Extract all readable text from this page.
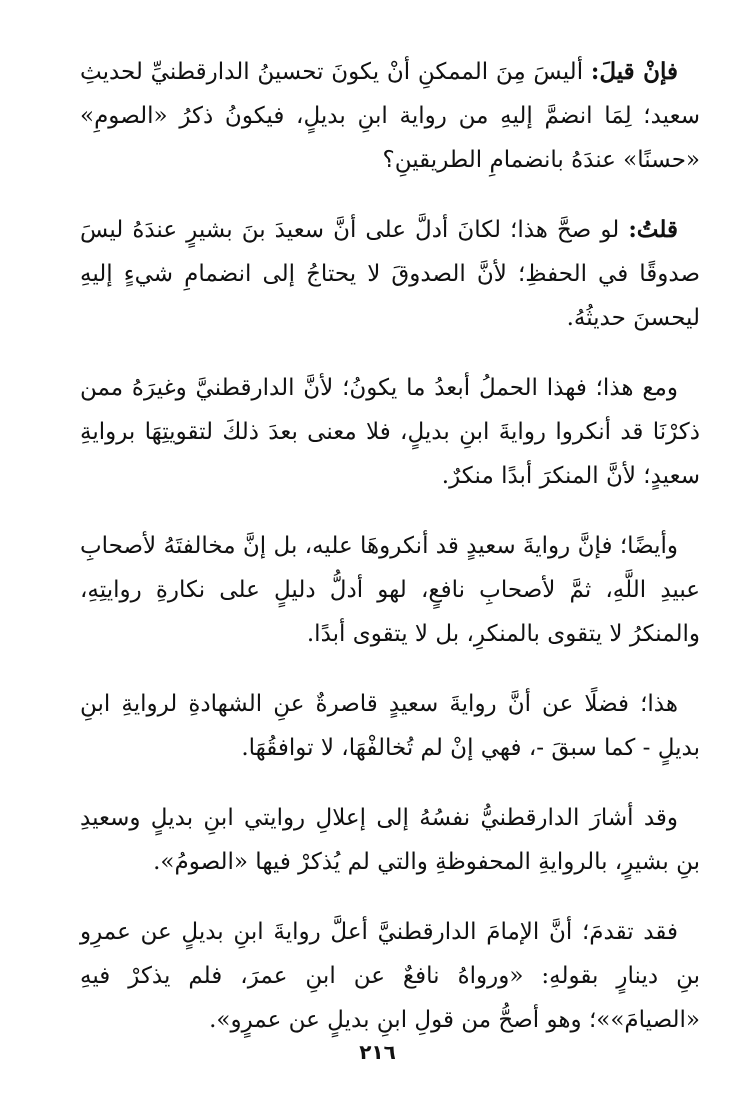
فإنْ قيلَ: أليسَ مِنَ الممكنِ أنْ يكونَ تحسينُ الدارقطنيِّ لحديثِ سعيد؛ لِمَا انضمَّ إليهِ من رواية ابنِ بديلٍ، فيكونُ ذكرُ «الصومِ» «حسنًا» عندَهُ بانضمامِ الطريقينِ؟

قلتُ: لو صحَّ هذا؛ لكانَ أدلَّ على أنَّ سعيدَ بنَ بشيرٍ عندَهُ ليسَ صدوقًا في الحفظِ؛ لأنَّ الصدوقَ لا يحتاجُ إلى انضمامِ شيءٍ إليهِ ليحسنَ حديثُهُ.

ومع هذا؛ فهذا الحملُ أبعدُ ما يكونُ؛ لأنَّ الدارقطنيَّ وغيرَهُ ممن ذكرْنَا قد أنكروا روايةَ ابنِ بديلٍ، فلا معنى بعدَ ذلكَ لتقويتِهَا بروايةِ سعيدٍ؛ لأنَّ المنكرَ أبدًا منكرٌ.

وأيضًا؛ فإنَّ روايةَ سعيدٍ قد أنكروهَا عليه، بل إنَّ مخالفتَهُ لأصحابِ عبيدِ اللَّهِ، ثمَّ لأصحابِ نافعٍ، لهو أدلُّ دليلٍ على نكارةِ روايتِهِ، والمنكرُ لا يتقوى بالمنكرِ، بل لا يتقوى أبدًا.

هذا؛ فضلًا عن أنَّ روايةَ سعيدٍ قاصرةٌ عنِ الشهادةِ لروايةِ ابنِ بديلٍ - كما سبقَ -، فهي إنْ لم تُخالفْهَا، لا توافقُهَا.

وقد أشارَ الدارقطنيُّ نفسُهُ إلى إعلالِ روايتي ابنِ بديلٍ وسعيدِ بنِ بشيرٍ، بالروايةِ المحفوظةِ والتي لم يُذكرْ فيها «الصومُ».

فقد تقدمَ؛ أنَّ الإمامَ الدارقطنيَّ أعلَّ روايةَ ابنِ بديلٍ عن عمرِو بنِ دينارٍ بقولهِ: «ورواهُ نافعٌ عن ابنِ عمرَ، فلم يذكرْ فيهِ «الصيامَ»»؛ وهو أصحُّ من قولِ ابنِ بديلٍ عن عمرٍو».

٢١٦
